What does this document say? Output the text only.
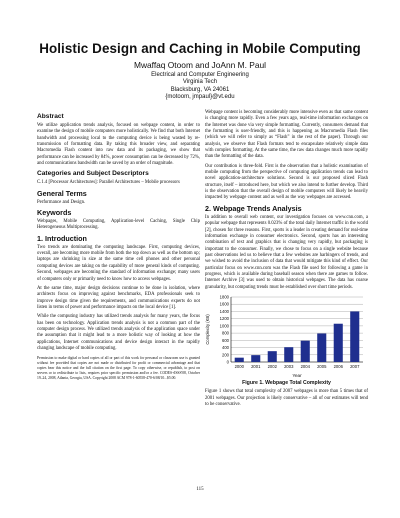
Holistic Design and Caching in Mobile Computing
Mwaffaq Otoom and JoAnn M. Paul
Electrical and Computer Engineering
Virginia Tech
Blacksburg, VA 24061
{motoom, jmpaul}@vt.edu
Abstract

We utilize application trends analysis, focused on webpage content, in order to examine the design of mobile computers more holistically. We find that both Internet bandwidth and processing local to the computing device is being wasted by re-transmission of formatting data. By taking this broader view, and separating Macromedia Flash content into raw data and its packaging, we show that performance can be increased by 84%, power consumption can be decreased by 72%, and communications bandwidth can be saved by an order of magnitude.

Categories and Subject Descriptors

C.1.4 [Processor Architectures]: Parallel Architectures – Mobile processors

General Terms

Performance and Design.

Keywords

Webpages, Mobile Computing, Application-level Caching, Single Chip Heterogeneous Multiprocessing.

1. Introduction

Two trends are dominating the computing landscape. First, computing devices, overall, are becoming more mobile from both the top down as well as the bottom up; laptops are shrinking in size at the same time cell phones and other personal computing devices are taking on the capability of more general kinds of computing. Second, webpages are becoming the standard of information exchange; many users of computers only or primarily need to know how to access webpages.

At the same time, major design decisions continue to be done in isolation, where architects focus on improving against benchmarks, EDA professionals seek to improve design time given the requirements, and communications experts do not listen in terms of power and performance impacts on the local device [1].

While the computing industry has utilized trends analysis for many years, the focus has been on technology. Application trends analysis is not a common part of the computer design process. We utilized trends analysis of the application space under the assumption that it might lead to a more holistic way of looking at how the applications, Internet communications and device design interact in the rapidly changing landscape of mobile computing.

Permission to make digital or hard copies of all or part of this work for personal or classroom use is granted without fee provided that copies are not made or distributed for profit or commercial advantage and that copies bear this notice and the full citation on the first page. To copy otherwise, or republish, to post on servers or to redistribute to lists, requires prior specific permission and/or a fee. CODES+ISSS'08, October 19–24, 2008, Atlanta, Georgia, USA. Copyright 2008 ACM 978-1-60558-470-6/08/10...$5.00.

Webpage content is becoming considerably more intensive even as that same content is changing more rapidly. Even a few years ago, real-time information exchanges on the Internet was done via very simple formatting. Currently, consumers demand that the formatting is user-friendly, and this is happening as Macromedia Flash files (which we will refer to simply as “Flash” in the rest of the paper). Through our analysis, we observe that Flash formats tend to encapsulate relatively simple data with complex formatting. At the same time, the raw data changes much more rapidly than the formatting of the data.

Our contribution is three-fold. First is the observation that a holistic examination of mobile computing from the perspective of computing application trends can lead to novel application-architecture solutions. Second is our proposed sliced Flash structure, itself – introduced here, but which we also intend to further develop. Third is the observation that the overall design of mobile computers will likely be heavily impacted by webpage content and as well as the way webpages are accessed.

2. Webpage Trends Analysis

In addition to overall web content, our investigation focuses on www.cnn.com, a popular webpage that represents 0.023% of the total daily Internet traffic in the world [2], chosen for three reasons. First, sports is a leader in creating demand for real-time information exchange in consumer electronics. Second, sports has an interesting combination of text and graphics that is changing very rapidly, but packaging is important to the consumer. Finally, we chose to focus on a single website because past observations led us to believe that a few websites are harbingers of trends, and we wished to avoid the inclusion of data that would mitigate this kind of effect. Our particular focus on www.cnn.com was the Flash file used for following a game in progress, which is available during baseball season when there are games to follow. Internet Archive [3] was used to obtain historical webpages. The data has coarse granularity, but computing trends must be established over short time periods.

0
200
400
600
800
1000
1200
1400
1600
1800
2000 2001 2002 2003 2004 2005 2006 2007
Year
Complexity (KB)
Figure 1. Webpage Total Complexity

Figure 1 shows that total complexity of 2007 webpages is more than 5 times that of 2001 webpages. Our projection is likely conservative – all of our estimates will tend to be conservative.

115
